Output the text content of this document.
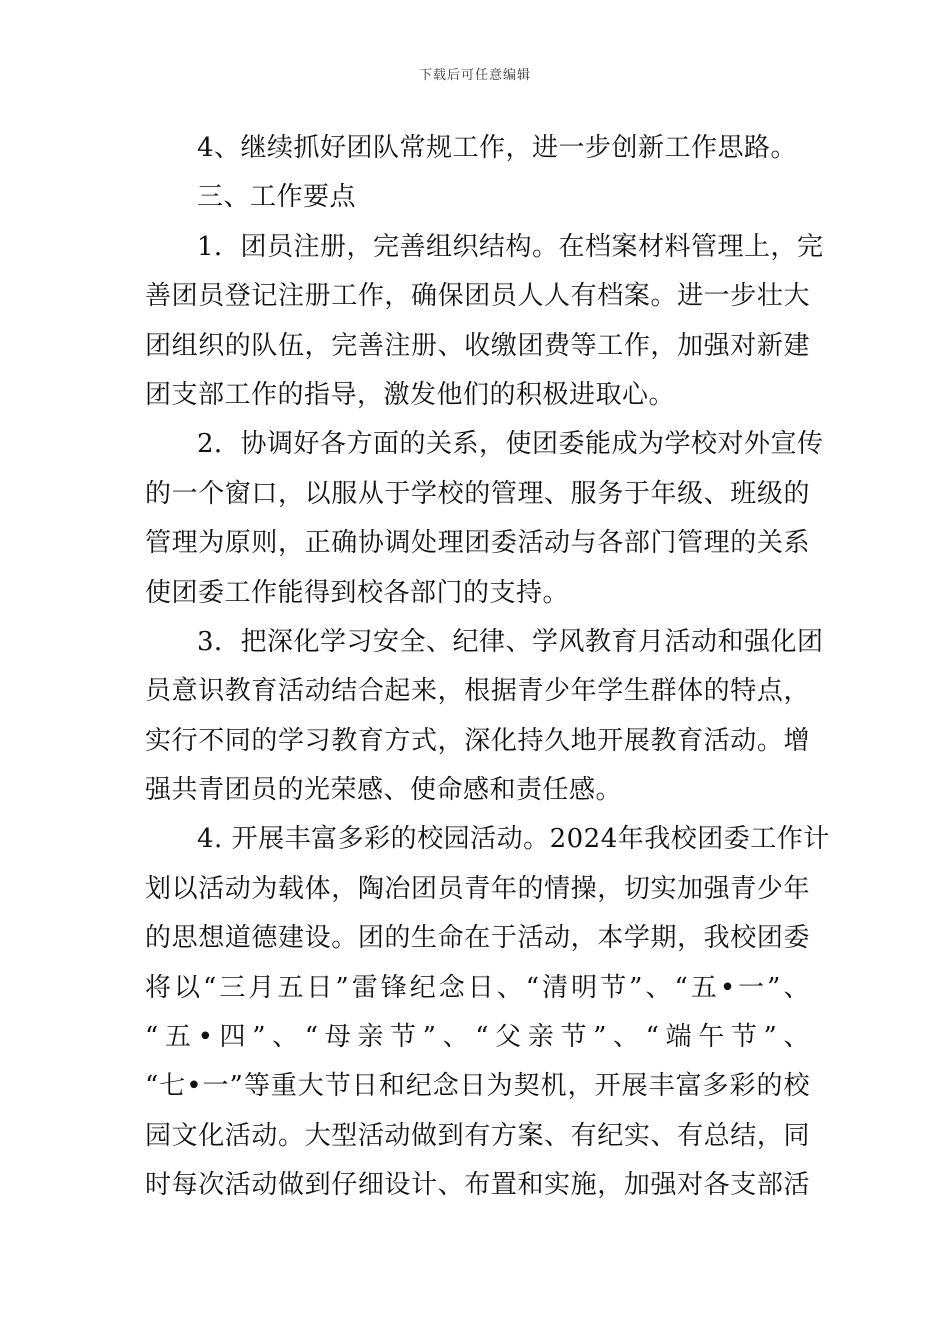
下载后可任意编辑
4、继续抓好团队常规工作，进一步创新工作思路。
三、工作要点
1．团员注册，完善组织结构。在档案材料管理上，完
善团员登记注册工作，确保团员人人有档案。进一步壮大
团组织的队伍，完善注册、收缴团费等工作，加强对新建
团支部工作的指导，激发他们的积极进取心。
2．协调好各方面的关系，使团委能成为学校对外宣传
的一个窗口，以服从于学校的管理、服务于年级、班级的
管理为原则，正确协调处理团委活动与各部门管理的关系
使团委工作能得到校各部门的支持。
3．把深化学习安全、纪律、学风教育月活动和强化团
员意识教育活动结合起来，根据青少年学生群体的特点，
实行不同的学习教育方式，深化持久地开展教育活动。增
强共青团员的光荣感、使命感和责任感。
4. 开展丰富多彩的校园活动。2024年我校团委工作计
划以活动为载体，陶冶团员青年的情操，切实加强青少年
的思想道德建设。团的生命在于活动，本学期，我校团委
将以“三月五日”雷锋纪念日、“清明节”、“五•一”、
“五•四”、“母亲节”、“父亲节”、“端午节”、
“七•一”等重大节日和纪念日为契机，开展丰富多彩的校
园文化活动。大型活动做到有方案、有纪实、有总结，同
时每次活动做到仔细设计、布置和实施，加强对各支部活
